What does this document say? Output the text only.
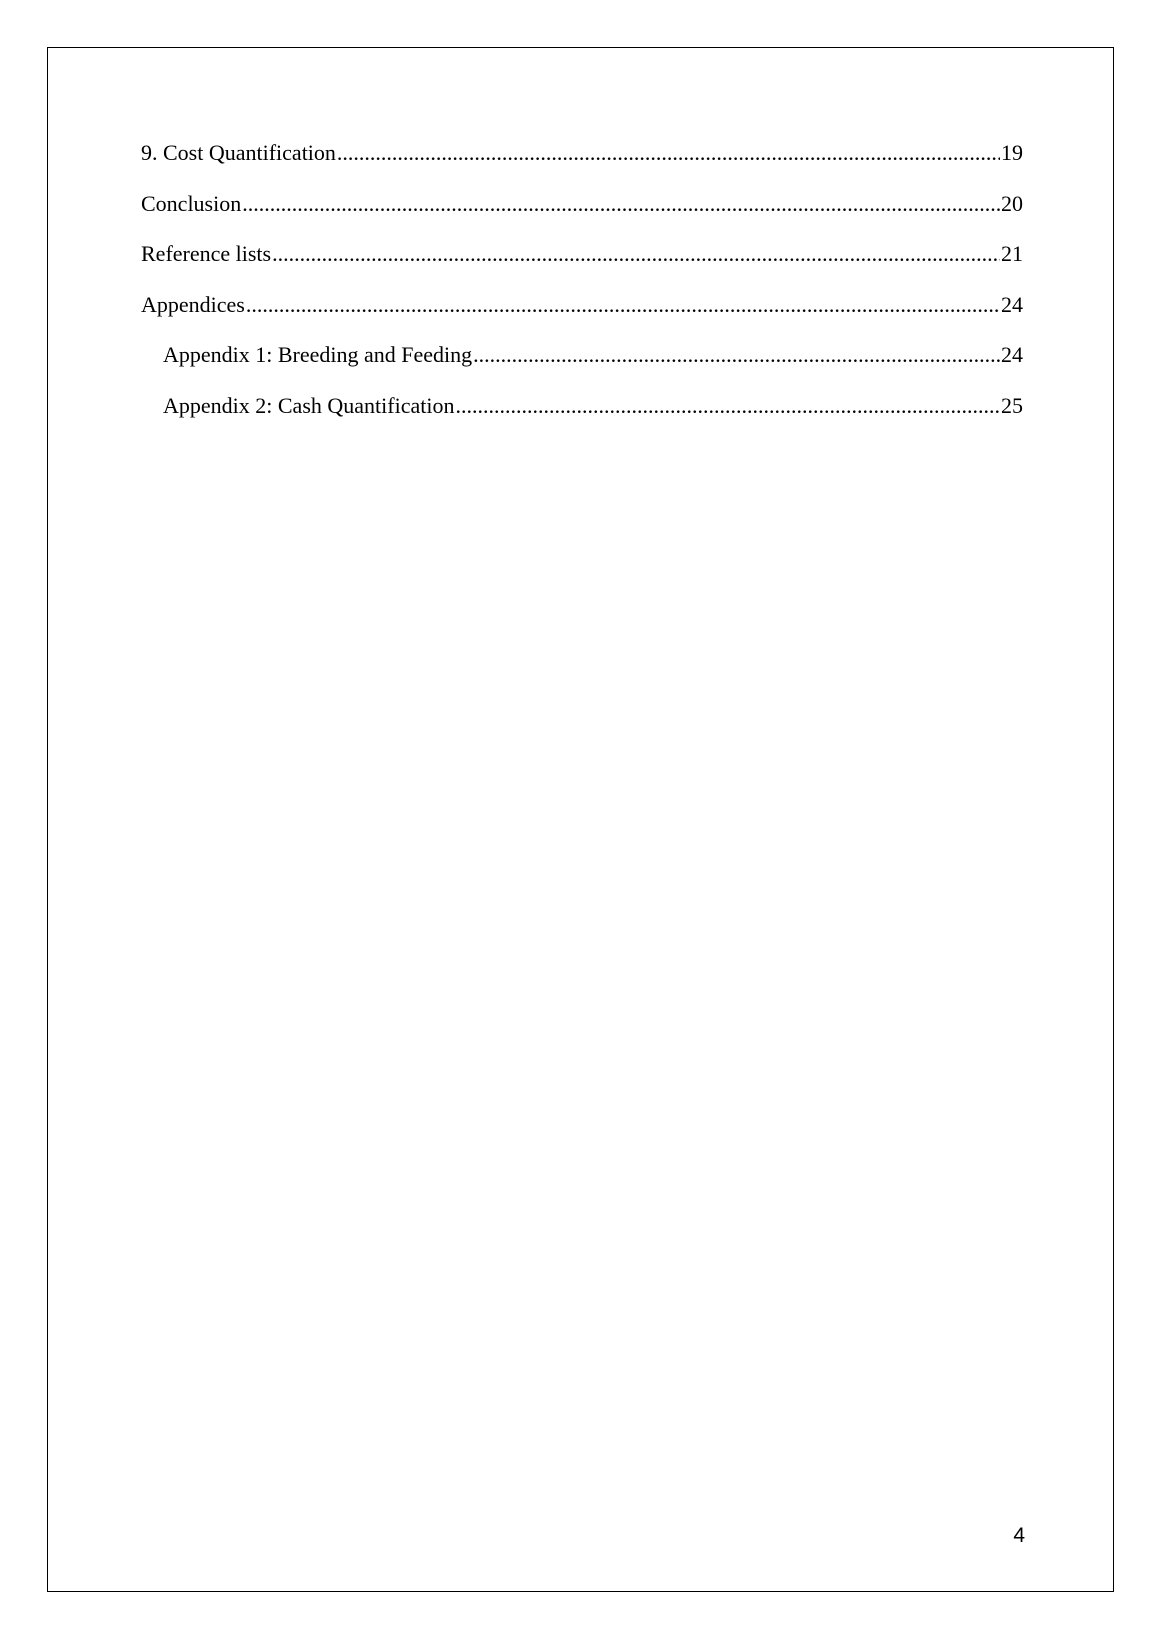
9. Cost Quantification .....	19
Conclusion .....	20
Reference lists .....	21
Appendices .....	24
Appendix 1: Breeding and Feeding .....	24
Appendix 2: Cash Quantification .....	25
4
